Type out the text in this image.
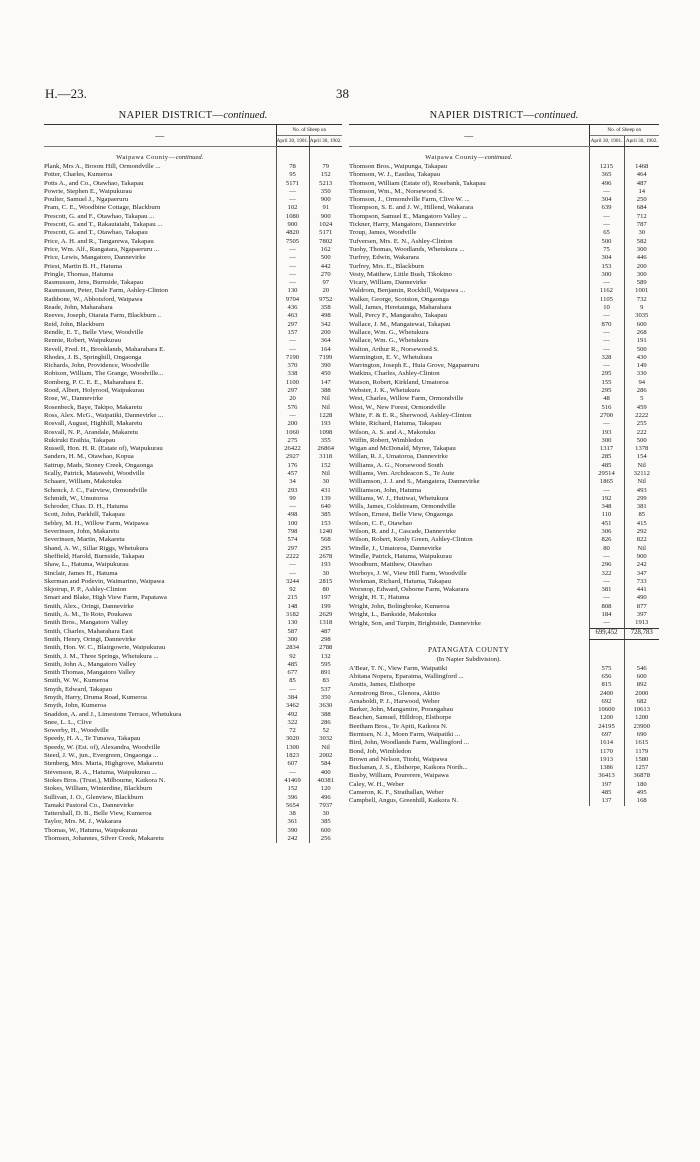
H.—23.	38
NAPIER DISTRICT—continued.
—	No. of Sheep on	
	April 30, 1901.	April 30, 1902.

Waipawa County—continued.		
Plank, Mrs A., Broom Hill, Ormondville ...	78	79
Potter, Charles, Kumeroa	95	152
Potts A., and Co., Otawhao, Takapau	5171	5213
Powrie, Stephen E., Waipukurau	—	350
Poulter, Samuel J., Ngapaeruru	—	900
Pram, C. E., Woodbine Cottage, Blackburn	102	91
Prescott, G. and F., Otawhao, Takapau ...	1080	900
Prescott, G. and T., Rakautatahi, Takapau ...	900	1024
Prescott, G. and T., Otawhao, Takapau	4820	5171
Price, A. H. and R., Tangarewa, Takapau	7505	7802
Price, Wm. Alf., Rangatara, Ngapaeruru ...	—	162
Price, Lewis, Mangatoro, Dannevirke	—	500
Priest, Martin B. H., Hatuma	—	442
Pringle, Thomas, Hatuma	—	270
Rasmussen, Jens, Burnside, Takapau	—	97
Rasmussen, Peter, Dale Farm, Ashley-Clinton	130	20
Rathbone, W., Abbotsford, Waipawa	9704	9752
Reade, John, Maharahara	436	358
Reeves, Joseph, Otaraia Farm, Blackburn ..	463	498
Reid, John, Blackburn	297	342
Rendle, E. T., Belle View, Woodville	157	200
Rennie, Robert, Waipukurau	—	364
Revell, Fred. H., Brooklands, Maharahara E.	—	164
Rhodes, J. B., Springhill, Ongaonga	7190	7199
Richards, John, Providence, Woodville	370	390
Robison, William, The Grange, Woodville...	338	450
Romberg, P. C. E. E., Maharahara E.	1100	147
Rood, Albert, Holyrood, Waipukurau	297	388
Rose, W., Dannevirke	20	Nil
Rosenbeck, Baye, Takipo, Makaretu	576	Nil
Ross, Alex. McG., Waipatiki, Dannevirke ...	—	1228
Rosvall, August, Highhill, Makaretu	200	193
Rosvall, N. P., Arandale, Makaretu	1060	1098
Rukiruki Eraihia, Takapau	275	355
Russell, Hon. H. R. (Estate of), Waipukurau	26422	26864
Sanders, H. M., Otawhao, Kopua	2927	3118
Sattrup, Mads, Stoney Creek, Ongaonga	176	152
Scally, Patrick, Matawehi, Woodville	457	Nil
Schaare, William, Makotuku	34	30
Schenck, J. C., Fairview, Ormondville	293	431
Schmidt, W., Umutoroa	99	139
Schroder, Chas. D. H., Hatuma	—	640
Scott, John, Parkhill, Takapau	498	385
Sebley, M. H., Willow Farm, Waipawa	100	153
Severinsen, John, Makaretu	798	1240
Severinsen, Martin, Makaretu	574	568
Shand, A. W., Sillar Riggs, Whetukura	297	295
Sheffield, Harold, Burnside, Takapau	2222	2678
Shaw, L., Hatuma, Waipukurau	—	193
Sinclair, James H., Hatuma	—	30
Skerman and Podevin, Waimarino, Waipawa	3244	2815
Skjotrup, P. P., Ashley-Clinton	92	80
Smart and Blake, High View Farm, Papatawa	215	197
Smith, Alex., Oringi, Dannevirke	148	199
Smith, A. M., Te Roto, Poukawa	3182	2629
Smith Bros., Mangatoro Valley	130	1318
Smith, Charles, Maharahara East	587	487
Smith, Henry, Oringi, Dannevirke	300	298
Smith, Hon. W. C., Blairgowrie, Waipukurau	2834	2788
Smith, J. M., Three Springs, Whetukura ...	92	132
Smith, John A., Mangatoro Valley	485	595
Smith Thomas, Mangatoro Valley	677	891
Smith, W. W., Kumeroa	85	83
Smyth, Edward, Takapau	—	537
Smyth, Harry, Druma Road, Kumeroa	384	350
Smyth, John, Kumeroa	3462	3630
Snaddon, A. and J., Limestone Terrace, Whetukura	492	388
Snee, L. L., Clive	322	286
Sowerby, H., Woodville	72	52
Speedy, H. A., Te Tunawa, Takapau	3020	3032
Speedy, W. (Est. of), Alexandra, Woodville	1300	Nil
Steed, J. W., jun., Evergreen, Ongaonga ...	1823	2002
Stenberg, Mrs. Maria, Highgrove, Makaretu	607	584
Stevenson, R. A., Hatuma, Waipukurau ...	—	400
Stokes Bros. (Trust.), Milbourne, Kaikora N.	41469	40381
Stokes, William, Winterdine, Blackburn	152	120
Sullivan, J. O., Glenview, Blackburn	396	496
Tamaki Pastoral Co., Dannevirke	5654	7937
Tattershall, D. B., Belle View, Kumeroa	38	30
Taylor, Mrs. M. J., Wakarara	361	385
Thomas, W., Hatuma, Waipukurau	390	600
Thomsen, Johannes, Silver Creek, Makaretu	242	256
NAPIER DISTRICT—continued.
—	No. of Sheep on	
	April 30, 1901.	April 30, 1902.

Waipawa County—continued.		
Thomson Bros., Waipunga, Takapau	1215	1468
Thomson, W. J., Eastlea, Takapau	365	464
Thomson, William (Estate of), Rosebank, Takapau	496	487
Thomson, Wm., M., Norsewood S.	—	14
Thomson, J., Ormondville Farm, Clive W. ...	304	250
Thompson, S. E. and J. W., Hillend, Wakarara	639	684
Thompson, Samuel E., Mangatoro Valley ...	—	712
Tickner, Harry, Mangatoro, Dannevirke	—	787
Troup, James, Woodville	65	30
Tufversen, Mrs. E. N., Ashley-Clinton	500	582
Tuohy, Thomas, Woodlands, Whetukura ...	75	300
Turfrey, Edwin, Wakarara	304	446
Turfrey, Mrs. E., Blackburn	153	200
Vesty, Matthew, Little Bush, Tikokino	300	300
Vicary, William, Dannevirke	—	589
Waldrom, Benjamin, Rockhill, Waipawa ...	1162	1001
Walker, George, Scotston, Ongaonga	1105	732
Wall, James, Heretaunga, Maharahara	10	9
Wall, Percy F., Mangaraho, Takapau	—	3035
Wallace, J. M., Mangatewai, Takapau	870	600
Wallace, Wm. G., Whetukura	—	268
Wallace, Wm. G., Whetukura	—	191
Walton, Arthur R., Norsewood S.	—	500
Warmington, E. V., Whetukura	328	430
Warrington, Joseph E., Huia Grove, Ngapaeruru	—	149
Watkins, Charles, Ashley-Clinton	295	330
Watson, Robert, Kirkland, Umatoroa	155	94
Webster, J. K., Whetukura	295	286
West, Charles, Willow Farm, Ormondville	48	5
West, W., New Forest, Ormondville	516	459
White, F. & E. R., Sherwood, Ashley-Clinton	2700	2222
White, Richard, Hatuma, Takapau	—	255
Wilson, A. S. and A., Makotuku	193	222
Wiffin, Robert, Wimbledon	300	500
Wigan and McDonald, Myree, Takapau	1317	1378
Willan, R. J., Umatoroa, Dannevirke	285	154
Williams, A. G., Norsewood South	485	Nil
Williams, Ven. Archdeacon S., Te Aute	29514	32112
Williamson, J. J. and S., Mangatera, Dannevirke	1865	Nil
Williamson, John, Hatuma	—	493
Williams, W. J., Hutiwai, Whetukura	192	299
Wills, James, Coldstream, Ormondville	348	381
Wilson, Ernest, Belle View, Ongaonga	110	85
Wilson, C. F., Otawhao	451	415
Wilson, R. and J., Cascade, Dannevirke	306	292
Wilson, Robert, Kenly Green, Ashley-Clinton	826	822
Windle, J., Umatoroa, Dannevirke	80	Nil
Windle, Patrick, Hatuma, Waipukurau	—	900
Woodburn, Matthew, Otawhao	296	242
Worboys, J. W., View Hill Farm, Woodville	322	347
Workman, Richard, Hatuma, Takapau	—	733
Worsnop, Edward, Osborne Farm, Wakarara	381	441
Wright, H. T., Hatuma	—	490
Wright, John, Bolingbroke, Kumeroa	808	877
Wright, L., Bankside, Makotuka	184	397
Wright, Son, and Turpin, Brightside, Dannevirke	—	1913
	699,452	728,783

PATANGATA COUNTY		
(In Napier Subdivision).		
A'Bear, T. N., View Farm, Waipatiki	575	546
Abitana Nopera, Eparaima, Wallingford ...	656	600
Anstis, James, Elsthorpe	815	892
Armstrong Bros., Glenora, Akitio	2400	2000
Arnaboldi, P. J., Harwood, Weber	692	682
Barker, John, Mangamire, Porangahau	10600	10613
Beachen, Samuel, Hilldrop, Elsthorpe	1200	1200
Beetham Bros., Te Apiti, Kaikora N.	24195	23900
Berntsen, N. J., Moen Farm, Waipatiki ...	697	690
Bird, John, Woodlands Farm, Wallingford ...	1614	1615
Bond, Job, Wimbledon	1170	1179
Brown and Nelson, Titohi, Waipawa	1913	1580
Buchanan, J. S., Elsthorpe, Kaikora North...	1386	1257
Busby, William, Pourerere, Waipawa	36413	36878
Caley, W. H., Weber	197	180
Cameron, K. F., Strathallan, Weber	485	495
Campbell, Angus, Greenhill, Kaikora N.	137	168
